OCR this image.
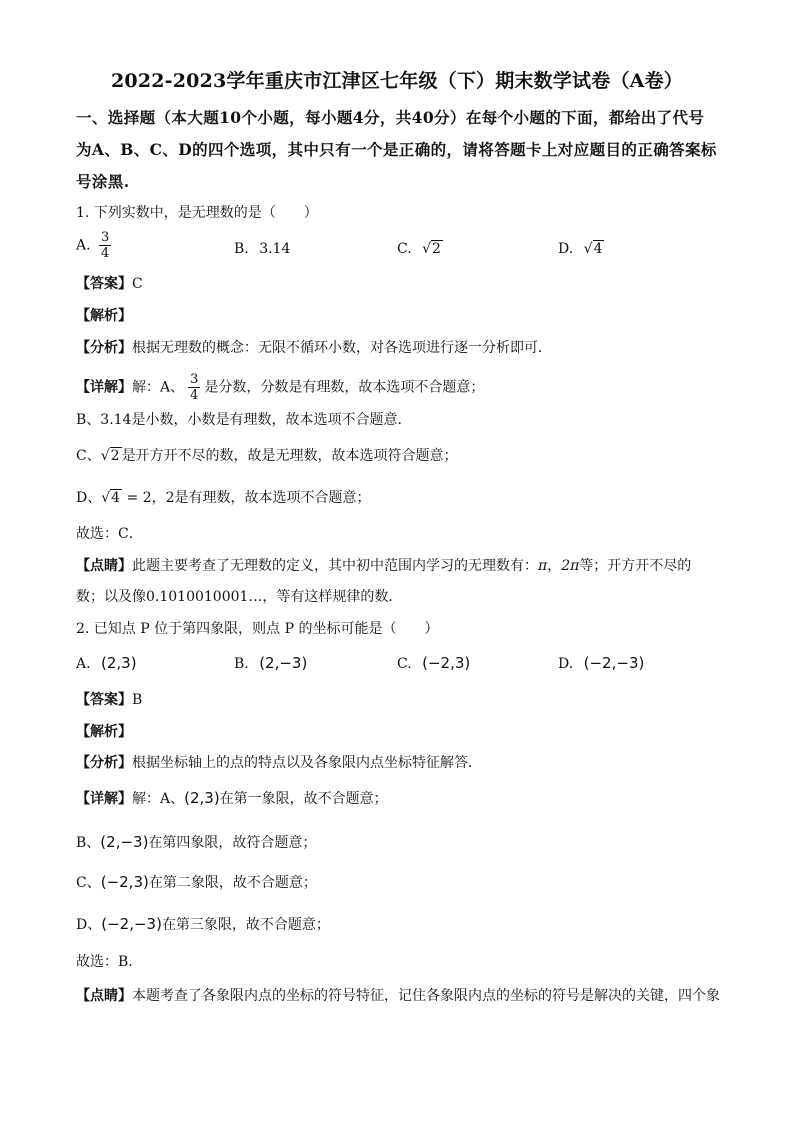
2022-2023学年重庆市江津区七年级（下）期末数学试卷（A卷）
一、选择题（本大题10个小题，每小题4分，共40分）在每个小题的下面，都给出了代号
为A、B、C、D的四个选项，其中只有一个是正确的，请将答题卡上对应题目的正确答案标
号涂黑.
1. 下列实数中，是无理数的是（　　）
A. $\frac{3}{4}$	B. 3.14	C. √2	D. √4
【答案】C
【解析】
【分析】根据无理数的概念：无限不循环小数，对各选项进行逐一分析即可．
【详解】解：A、 $\frac{3}{4}$ 是分数，分数是有理数，故本选项不合题意；
B、3.14是小数，小数是有理数，故本选项不合题意．
C、√2 是开方开不尽的数，故是无理数，故本选项符合题意；
D、√4 = 2，2是有理数，故本选项不合题意；
故选：C．
【点睛】此题主要考查了无理数的定义，其中初中范围内学习的无理数有：π，2π等；开方开不尽的
数；以及像0.1010010001…，等有这样规律的数．
2. 已知点 P 位于第四象限，则点 P 的坐标可能是（　　）
A. (2,3)	B. (2,−3)	C. (−2,3)	D. (−2,−3)
【答案】B
【解析】
【分析】根据坐标轴上的点的特点以及各象限内点坐标特征解答．
【详解】解：A、(2,3)在第一象限，故不合题意；
B、(2,−3)在第四象限，故符合题意；
C、(−2,3)在第二象限，故不合题意；
D、(−2,−3)在第三象限，故不合题意；
故选：B．
【点睛】本题考查了各象限内点的坐标的符号特征，记住各象限内点的坐标的符号是解决的关键，四个象
